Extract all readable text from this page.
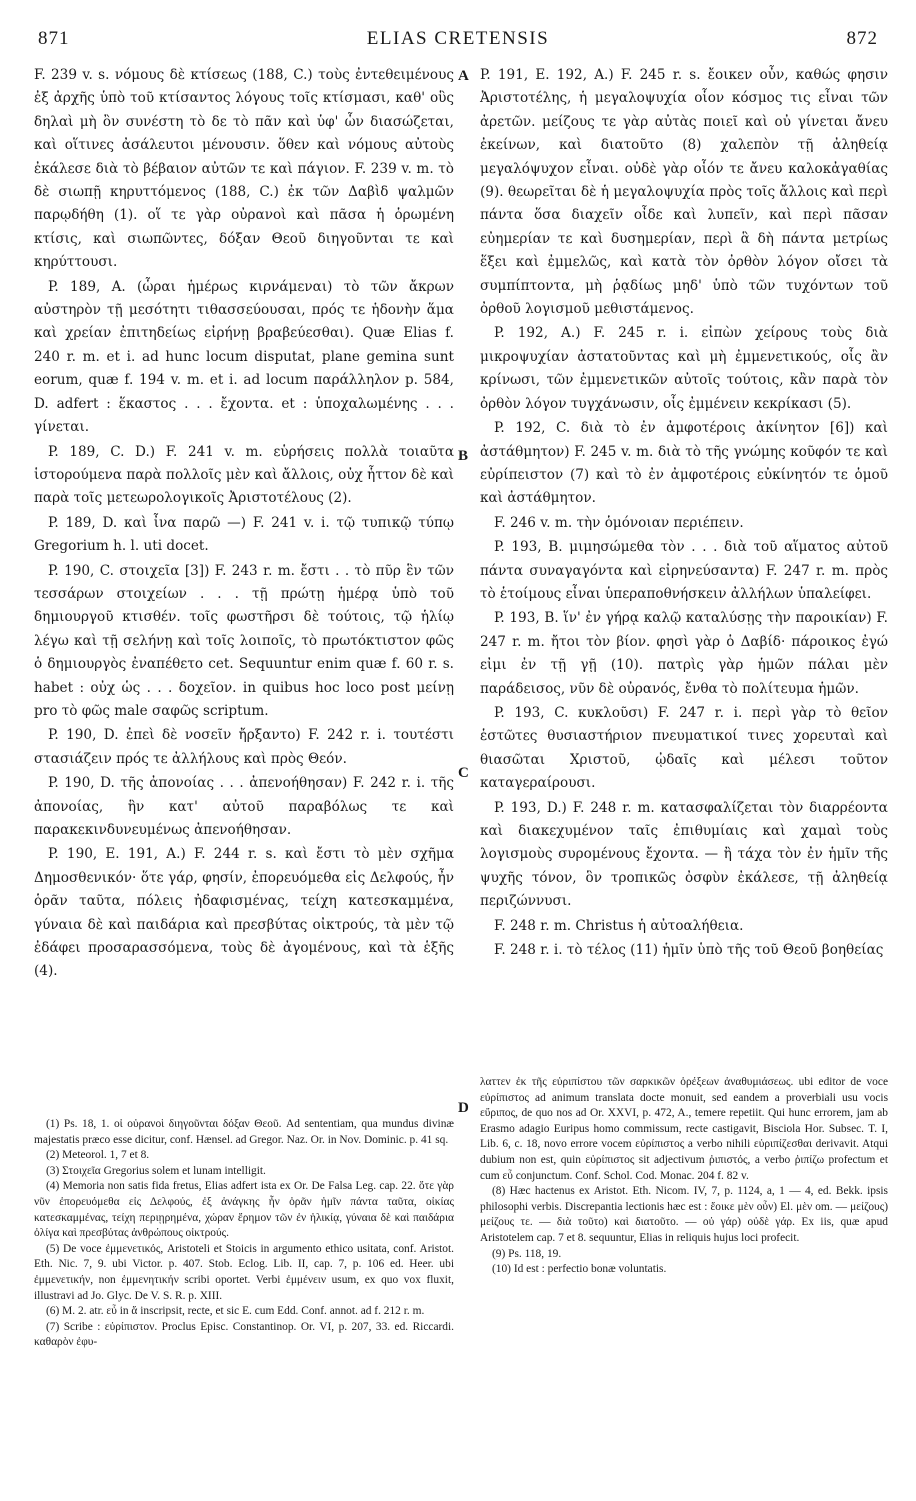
871	ELIAS CRETENSIS	872
A
B
C
D

F. 239 v. s. νόμους δὲ κτίσεως (188, C.) τοὺς ἐντεθειμένους ἐξ ἀρχῆς ὑπὸ τοῦ κτίσαντος λόγους τοῖς κτίσμασι, καθ' οὓς δηλαὶ μὴ ὂν συνέστη τὸ δε τὸ πᾶν καὶ ὑφ' ὧν διασώζεται, καὶ οἵτινες ἀσάλευτοι μένουσιν. ὅθεν καὶ νόμους αὐτοὺς ἐκάλεσε διὰ τὸ βέβαιον αὐτῶν τε καὶ πάγιον. F. 239 v. m. τὸ δὲ σιωπῇ κηρυττόμενος (188, C.) ἐκ τῶν Δαβὶδ ψαλμῶν παρῳδήθη (1). οἵ τε γὰρ οὐρανοὶ καὶ πᾶσα ἡ ὁρωμένη κτίσις, καὶ σιωπῶντες, δόξαν Θεοῦ διηγοῦνται τε καὶ κηρύττουσι.

P. 189, A. (ὧραι ἡμέρως κιρνάμεναι) τὸ τῶν ἄκρων αὐστηρὸν τῇ μεσότητι τιθασσεύουσαι, πρός τε ἡδονὴν ἅμα καὶ χρείαν ἐπιτηδείως εἰρήνῃ βραβεύεσθαι). Quæ Elias f. 240 r. m. et i. ad hunc locum disputat, plane gemina sunt eorum, quæ f. 194 v. m. et i. ad locum παράλληλον p. 584, D. adfert : ἕκαστος . . . ἔχοντα. et : ὑποχαλωμένης . . . γίνεται.

P. 189, C. D.) F. 241 v. m. εὑρήσεις πολλὰ τοιαῦτα ἱστορούμενα παρὰ πολλοῖς μὲν καὶ ἄλλοις, οὐχ ἧττον δὲ καὶ παρὰ τοῖς μετεωρολογικοῖς Ἀριστοτέλους (2).

P. 189, D. καὶ ἶνα παρῶ —) F. 241 v. i. τῷ τυπικῷ τύπῳ Gregorium h. l. uti docet.

P. 190, C. στοιχεῖα [3]) F. 243 r. m. ἔστι . . τὸ πῦρ ἓν τῶν τεσσάρων στοιχείων . . . τῇ πρώτῃ ἡμέρᾳ ὑπὸ τοῦ δημιουργοῦ κτισθέν. τοῖς φωστῆρσι δὲ τούτοις, τῷ ἡλίῳ λέγω καὶ τῇ σελήνῃ καὶ τοῖς λοιποῖς, τὸ πρωτόκτιστον φῶς ὁ δημιουργὸς ἐναπέθετο cet. Sequuntur enim quæ f. 60 r. s. habet : οὐχ ὡς . . . δοχεῖον. in quibus hoc loco post μείνῃ pro τὸ φῶς male σαφῶς scriptum.

P. 190, D. ἐπεὶ δὲ νοσεῖν ἤρξαντο) F. 242 r. i. τουτέστι στασιάζειν πρός τε ἀλλήλους καὶ πρὸς Θεόν.

P. 190, D. τῆς ἀπονοίας . . . ἀπενοήθησαν) F. 242 r. i. τῆς ἀπονοίας, ἣν κατ' αὐτοῦ παραβόλως τε καὶ παρακεκινδυνευμένως ἀπενοήθησαν.

P. 190, E. 191, A.) F. 244 r. s. καὶ ἔστι τὸ μὲν σχῆμα Δημοσθενικόν· ὅτε γάρ, φησίν, ἐπορευόμεθα εἰς Δελφούς, ἦν ὁρᾶν ταῦτα, πόλεις ἠδαφισμένας, τείχη κατεσκαμμένα, γύναια δὲ καὶ παιδάρια καὶ πρεσβύτας οἰκτρούς, τὰ μὲν τῷ ἐδάφει προσαρασσόμενα, τοὺς δὲ ἀγομένους, καὶ τὰ ἑξῆς (4).

P. 191, E. 192, A.) F. 245 r. s. ἔοικεν οὖν, καθώς φησιν Ἀριστοτέλης, ἡ μεγαλοψυχία οἷον κόσμος τις εἶναι τῶν ἀρετῶν. μείζους τε γὰρ αὐτὰς ποιεῖ καὶ οὐ γίνεται ἄνευ ἐκείνων, καὶ διατοῦτο (8) χαλεπὸν τῇ ἀληθείᾳ μεγαλόψυχον εἶναι. οὐδὲ γὰρ οἷόν τε ἄνευ καλοκἀγαθίας (9). θεωρεῖται δὲ ἡ μεγαλοψυχία πρὸς τοῖς ἄλλοις καὶ περὶ πάντα ὅσα διαχεῖν οἶδε καὶ λυπεῖν, καὶ περὶ πᾶσαν εὐημερίαν τε καὶ δυσημερίαν, περὶ ἃ δὴ πάντα μετρίως ἕξει καὶ ἐμμελῶς, καὶ κατὰ τὸν ὀρθὸν λόγον οἴσει τὰ συμπίπτοντα, μὴ ῥᾳδίως μηδ' ὑπὸ τῶν τυχόντων τοῦ ὀρθοῦ λογισμοῦ μεθιστάμενος.

P. 192, A.) F. 245 r. i. εἰπὼν χείρους τοὺς διὰ μικροψυχίαν ἀστατοῦντας καὶ μὴ ἐμμενετικούς, οἷς ἂν κρίνωσι, τῶν ἐμμενετικῶν αὐτοῖς τούτοις, κἂν παρὰ τὸν ὀρθὸν λόγον τυγχάνωσιν, οἷς ἐμμένειν κεκρίκασι (5).

P. 192, C. διὰ τὸ ἐν ἀμφοτέροις ἀκίνητον [6]) καὶ ἀστάθμητον) F. 245 v. m. διὰ τὸ τῆς γνώμης κοῦφόν τε καὶ εὐρίπειστον (7) καὶ τὸ ἐν ἀμφοτέροις εὐκίνητόν τε ὁμοῦ καὶ ἀστάθμητον.

F. 246 v. m. τὴν ὁμόνοιαν περιέπειν.

P. 193, B. μιμησώμεθα τὸν . . . διὰ τοῦ αἵματος αὐτοῦ πάντα συναγαγόντα καὶ εἰρηνεύσαντα) F. 247 r. m. πρὸς τὸ ἑτοίμους εἶναι ὑπεραποθνήσκειν ἀλλήλων ὑπαλείφει.

P. 193, B. ἵν' ἐν γήρᾳ καλῷ καταλύσῃς τὴν παροικίαν) F. 247 r. m. ἤτοι τὸν βίον. φησὶ γὰρ ὁ Δαβίδ· πάροικος ἐγώ εἰμι ἐν τῇ γῇ (10). πατρὶς γὰρ ἡμῶν πάλαι μὲν παράδεισος, νῦν δὲ οὐρανός, ἔνθα τὸ πολίτευμα ἡμῶν.

P. 193, C. κυκλοῦσι) F. 247 r. i. περὶ γὰρ τὸ θεῖον ἑστῶτες θυσιαστήριον πνευματικοί τινες χορευταὶ καὶ θιασῶται Χριστοῦ, ᾠδαῖς καὶ μέλεσι τοῦτον καταγεραίρουσι.

P. 193, D.) F. 248 r. m. κατασφαλίζεται τὸν διαρρέοντα καὶ διακεχυμένον ταῖς ἐπιθυμίαις καὶ χαμαὶ τοὺς λογισμοὺς συρομένους ἔχοντα. — ἢ τάχα τὸν ἐν ἡμῖν τῆς ψυχῆς τόνον, ὃν τροπικῶς ὀσφὺν ἐκάλεσε, τῇ ἀληθείᾳ περιζώννυσι.

F. 248 r. m. Christus ἡ αὐτοαλήθεια.

F. 248 r. i. τὸ τέλος (11) ἡμῖν ὑπὸ τῆς τοῦ Θεοῦ βοηθείας

(1) Ps. 18, 1. οἱ οὐρανοὶ διηγοῦνται δόξαν Θεοῦ. Ad sententiam, qua mundus divinæ majestatis præco esse dicitur, conf. Hænsel. ad Gregor. Naz. Or. in Nov. Dominic. p. 41 sq.

(2) Meteorol. 1, 7 et 8.

(3) Στοιχεῖα Gregorius solem et lunam intelligit.

(4) Memoria non satis fida fretus, Elias adfert ista ex Or. De Falsa Leg. cap. 22. ὅτε γὰρ νῦν ἐπορευόμεθα εἰς Δελφούς, ἐξ ἀνάγκης ἦν ὁρᾶν ἡμῖν πάντα ταῦτα, οἰκίας κατεσκαμμένας, τείχη περιῃρημένα, χώραν ἔρημον τῶν ἐν ἡλικίᾳ, γύναια δὲ καὶ παιδάρια ὀλίγα καὶ πρεσβύτας ἀνθρώπους οἰκτρούς.

(5) De voce ἐμμενετικός, Aristoteli et Stoicis in argumento ethico usitata, conf. Aristot. Eth. Nic. 7, 9. ubi Victor. p. 407. Stob. Eclog. Lib. II, cap. 7, p. 106 ed. Heer. ubi ἐμμενετικήν, non ἐμμενητικήν scribi oportet. Verbi ἐμμένειν usum, ex quo vox fluxit, illustravi ad Jo. Glyc. De V. S. R. p. XIII.

(6) M. 2. atr. εὖ in ἄ inscripsit, recte, et sic E. cum Edd. Conf. annot. ad f. 212 r. m.

(7) Scribe : εὐρίπιστον. Proclus Episc. Constantinop. Or. VI, p. 207, 33. ed. Riccardi. καθαρὸν ἐφυ-

λαττεν ἐκ τῆς εὐριπίστου τῶν σαρκικῶν ὀρέξεων ἀναθυμιάσεως. ubi editor de voce εὐρίπιστος ad animum translata docte monuit, sed eandem a proverbiali usu vocis εὔριπος, de quo nos ad Or. XXVI, p. 472, A., temere repetiit. Qui hunc errorem, jam ab Erasmo adagio Euripus homo commissum, recte castigavit, Bisciola Hor. Subsec. T. I, Lib. 6, c. 18, novo errore vocem εὐρίπιστος a verbo nihili εὐριπίζεσθαι derivavit. Atqui dubium non est, quin εὐρίπιστος sit adjectivum ῥιπιστός, a verbo ῥιπίζω profectum et cum εὖ conjunctum. Conf. Schol. Cod. Monac. 204 f. 82 v.

(8) Hæc hactenus ex Aristot. Eth. Nicom. IV, 7, p. 1124, a, 1 — 4, ed. Bekk. ipsis philosophi verbis. Discrepantia lectionis hæc est : ἔοικε μὲν οὖν) El. μὲν om. — μείζους) μείζους τε. — διὰ τοῦτο) καὶ διατοῦτο. — οὐ γάρ) οὐδὲ γάρ. Ex iis, quæ apud Aristotelem cap. 7 et 8. sequuntur, Elias in reliquis hujus loci profecit.

(9) Ps. 118, 19.

(10) Id est : perfectio bonæ voluntatis.
